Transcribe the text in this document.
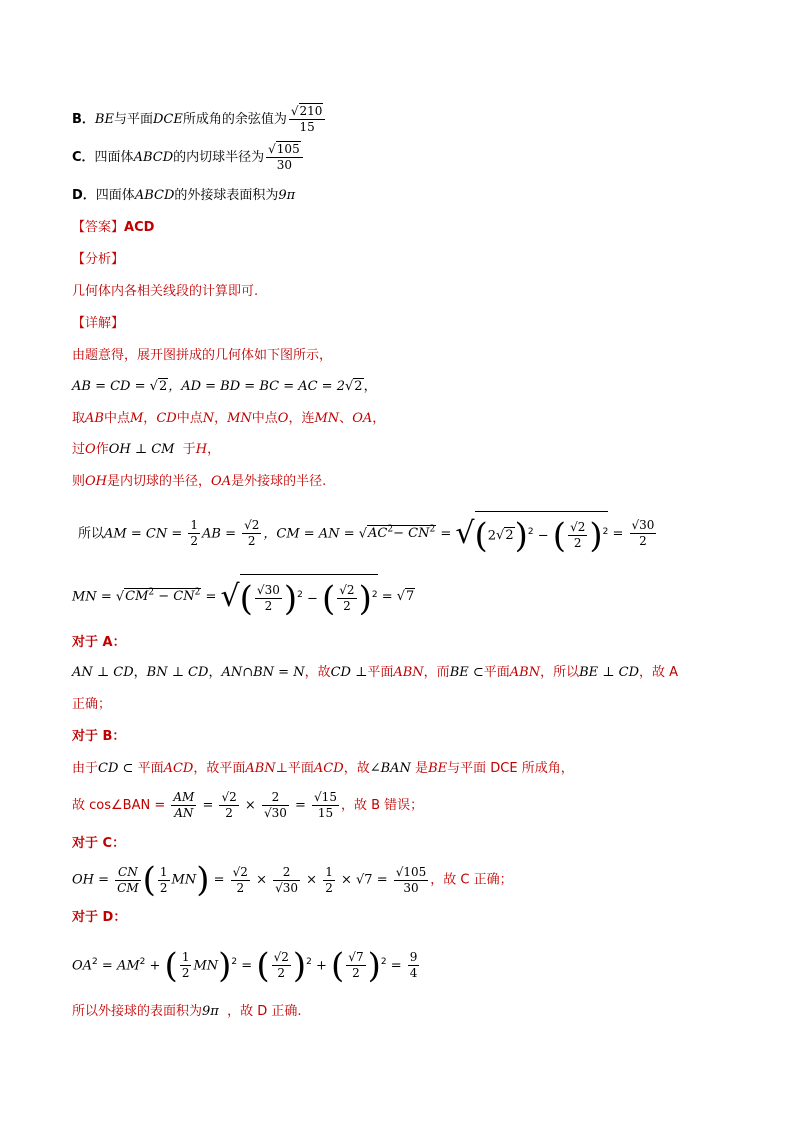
B．BE与平面DCE所成角的余弦值为 $\frac{√210}{15}$
C．四面体ABCD的内切球半径为 $\frac{√105}{30}$
D．四面体ABCD的外接球表面积为9π
【答案】ACD
【分析】
几何体内各相关线段的计算即可.
【详解】
由题意得，展开图拼成的几何体如下图所示，
AB = CD = √2，AD = BD = BC = AC = 2√2，
取AB中点M，CD中点N，MN中点O，连MN、OA，
过O作OH ⊥ CM 于H，
则OH是内切球的半径，OA是外接球的半径.
所以AM = CN = $\frac{1}{2}$ AB = $\frac{√2}{2}$ ，CM = AN = $√AC^2- CN^2 = √(2√2)^2$ − ( $\frac{√2}{2} )^2 = \frac{√30}{2}$
MN = $√CM^2 - CN^2$ = √( $\frac{√30}{2} )^2$ − ( $\frac{√2}{2} )^2 = √7$
对于 A：
AN ⊥ CD，BN ⊥ CD，AN∩BN = N，故CD ⊥平面ABN，而BE ⊂平面ABN，所以BE ⊥ CD，故 A
正确；
对于 B：
由于CD ⊂ 平面ACD，故平面ABN⊥平面ACD，故∠BAN 是BE与平面 DCE 所成角，
故 cos∠BAN = $\frac{AM}{AN} = \frac{√2}{2} \times \frac{2}{√30} = \frac{√15}{15}$ ，故 B 错误；
对于 C：
OH = $\frac{CN}{CM}$ ( $\frac{1}{2} MN) = \frac{√2}{2} \times \frac{2}{√30} \times \frac{1}{2} \times √7 = \frac{√105}{30}$ ，故 C 正确；
对于 D：
$OA^2 = AM^2$ + ( $\frac{1}{2} MN)^2$ = ( $\frac{√2}{2} )^2$ + ( $\frac{√7}{2} )^2 = \frac{9}{4}$
所以外接球的表面积为9π ，故 D 正确.
